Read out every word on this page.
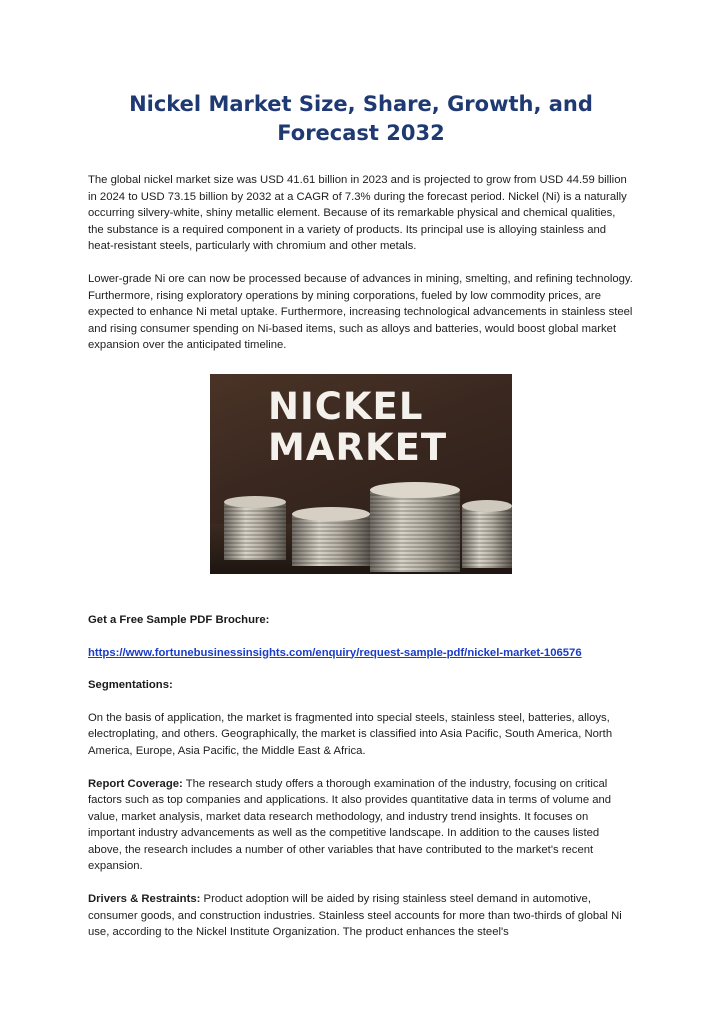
Nickel Market Size, Share, Growth, and
Forecast 2032

The global nickel market size was USD 41.61 billion in 2023 and is projected to grow from USD 44.59 billion in 2024 to USD 73.15 billion by 2032 at a CAGR of 7.3% during the forecast period. Nickel (Ni) is a naturally occurring silvery-white, shiny metallic element. Because of its remarkable physical and chemical qualities, the substance is a required component in a variety of products. Its principal use is alloying stainless and heat-resistant steels, particularly with chromium and other metals.

Lower-grade Ni ore can now be processed because of advances in mining, smelting, and refining technology. Furthermore, rising exploratory operations by mining corporations, fueled by low commodity prices, are expected to enhance Ni metal uptake. Furthermore, increasing technological advancements in stainless steel and rising consumer spending on Ni-based items, such as alloys and batteries, would boost global market expansion over the anticipated timeline.

NICKEL
MARKET

Get a Free Sample PDF Brochure:

https://www.fortunebusinessinsights.com/enquiry/request-sample-pdf/nickel-market-106576

Segmentations:

On the basis of application, the market is fragmented into special steels, stainless steel, batteries, alloys, electroplating, and others. Geographically, the market is classified into Asia Pacific, South America, North America, Europe, Asia Pacific, the Middle East & Africa.

Report Coverage: The research study offers a thorough examination of the industry, focusing on critical factors such as top companies and applications. It also provides quantitative data in terms of volume and value, market analysis, market data research methodology, and industry trend insights. It focuses on important industry advancements as well as the competitive landscape. In addition to the causes listed above, the research includes a number of other variables that have contributed to the market's recent expansion.

Drivers & Restraints: Product adoption will be aided by rising stainless steel demand in automotive, consumer goods, and construction industries. Stainless steel accounts for more than two-thirds of global Ni use, according to the Nickel Institute Organization. The product enhances the steel's
